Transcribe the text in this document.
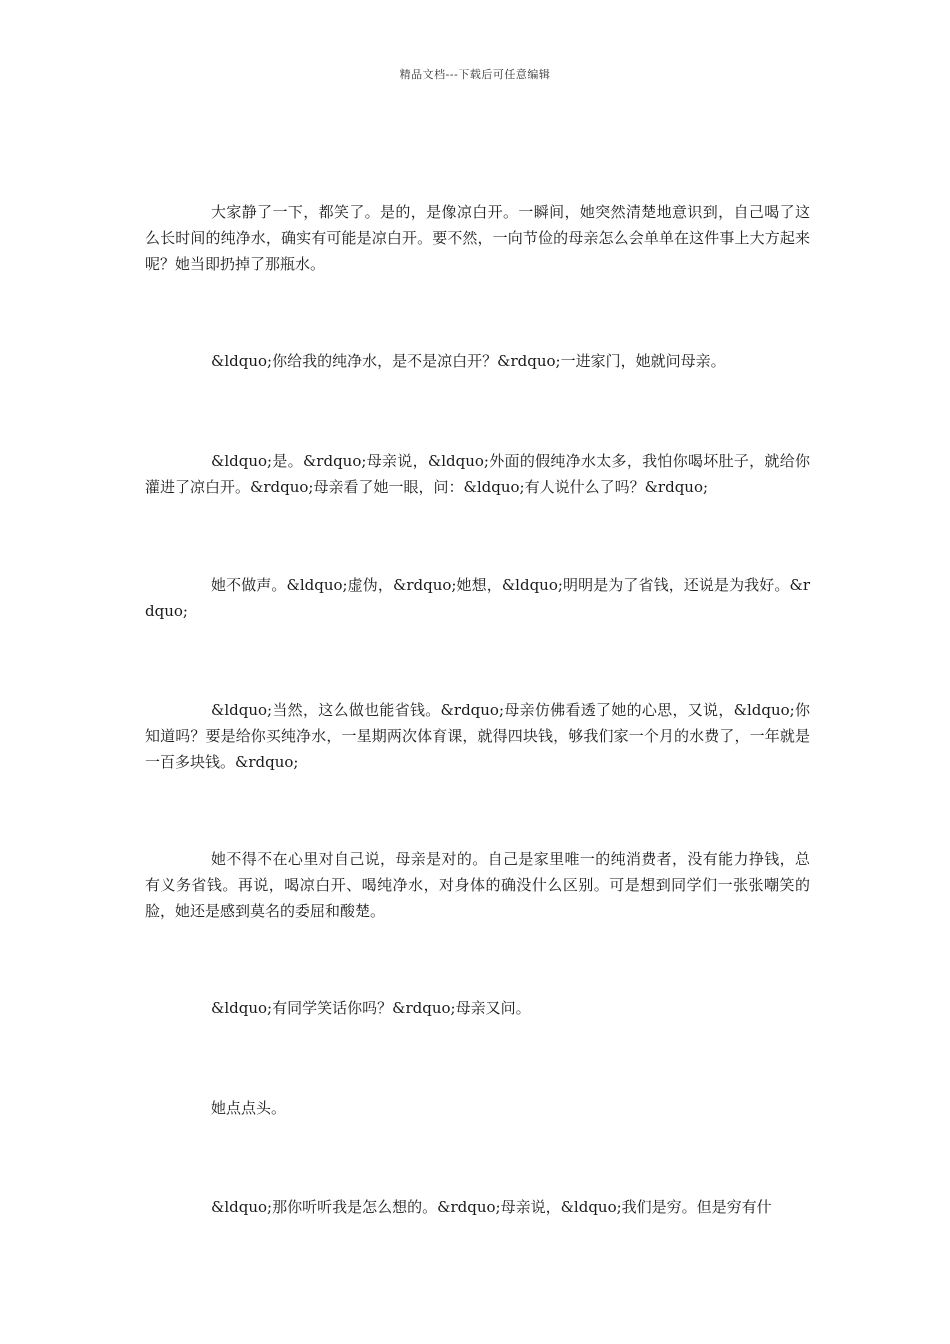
精品文档---下载后可任意编辑

大家静了一下，都笑了。是的，是像凉白开。一瞬间，她突然清楚地意识到，自己喝了这么长时间的纯净水，确实有可能是凉白开。要不然，一向节俭的母亲怎么会单单在这件事上大方起来呢？她当即扔掉了那瓶水。

&ldquo;你给我的纯净水，是不是凉白开？&rdquo;一进家门，她就问母亲。

&ldquo;是。&rdquo;母亲说，&ldquo;外面的假纯净水太多，我怕你喝坏肚子，就给你灌进了凉白开。&rdquo;母亲看了她一眼，问：&ldquo;有人说什么了吗？&rdquo;

她不做声。&ldquo;虚伪，&rdquo;她想，&ldquo;明明是为了省钱，还说是为我好。&rdquo;

&ldquo;当然，这么做也能省钱。&rdquo;母亲仿佛看透了她的心思，又说，&ldquo;你知道吗？要是给你买纯净水，一星期两次体育课，就得四块钱，够我们家一个月的水费了，一年就是一百多块钱。&rdquo;

她不得不在心里对自己说，母亲是对的。自己是家里唯一的纯消费者，没有能力挣钱，总有义务省钱。再说，喝凉白开、喝纯净水，对身体的确没什么区别。可是想到同学们一张张嘲笑的脸，她还是感到莫名的委屈和酸楚。

&ldquo;有同学笑话你吗？&rdquo;母亲又问。

她点点头。

&ldquo;那你听听我是怎么想的。&rdquo;母亲说，&ldquo;我们是穷。但是穷有什
